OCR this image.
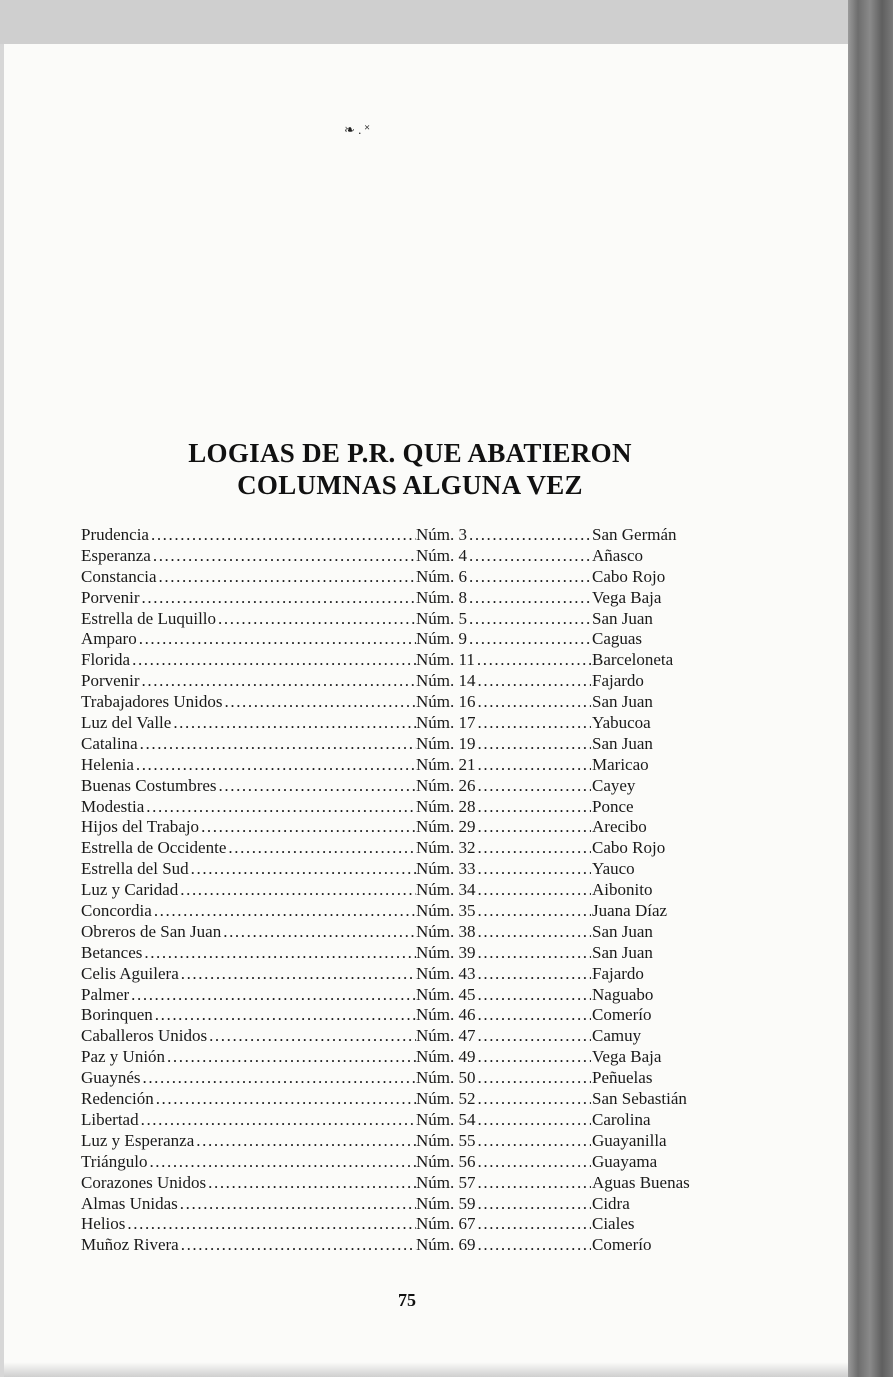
❧ . ˟
LOGIAS DE P.R. QUE ABATIERON
COLUMNAS ALGUNA VEZ
Prudencia .....	Núm. 3 .....	San Germán
Esperanza .....	Núm. 4 .....	Añasco
Constancia .....	Núm. 6 .....	Cabo Rojo
Porvenir .....	Núm. 8 .....	Vega Baja
Estrella de Luquillo .....	Núm. 5 .....	San Juan
Amparo .....	Núm. 9 .....	Caguas
Florida .....	Núm. 11 .....	Barceloneta
Porvenir .....	Núm. 14 .....	Fajardo
Trabajadores Unidos .....	Núm. 16 .....	San Juan
Luz del Valle .....	Núm. 17 .....	Yabucoa
Catalina .....	Núm. 19 .....	San Juan
Helenia .....	Núm. 21 .....	Maricao
Buenas Costumbres .....	Núm. 26 .....	Cayey
Modestia .....	Núm. 28 .....	Ponce
Hijos del Trabajo .....	Núm. 29 .....	Arecibo
Estrella de Occidente .....	Núm. 32 .....	Cabo Rojo
Estrella del Sud .....	Núm. 33 .....	Yauco
Luz y Caridad .....	Núm. 34 .....	Aibonito
Concordia .....	Núm. 35 .....	Juana Díaz
Obreros de San Juan .....	Núm. 38 .....	San Juan
Betances .....	Núm. 39 .....	San Juan
Celis Aguilera .....	Núm. 43 .....	Fajardo
Palmer .....	Núm. 45 .....	Naguabo
Borinquen .....	Núm. 46 .....	Comerío
Caballeros Unidos .....	Núm. 47 .....	Camuy
Paz y Unión .....	Núm. 49 .....	Vega Baja
Guaynés .....	Núm. 50 .....	Peñuelas
Redención .....	Núm. 52 .....	San Sebastián
Libertad .....	Núm. 54 .....	Carolina
Luz y Esperanza .....	Núm. 55 .....	Guayanilla
Triángulo .....	Núm. 56 .....	Guayama
Corazones Unidos .....	Núm. 57 .....	Aguas Buenas
Almas Unidas .....	Núm. 59 .....	Cidra
Helios .....	Núm. 67 .....	Ciales
Muñoz Rivera .....	Núm. 69 .....	Comerío
75
